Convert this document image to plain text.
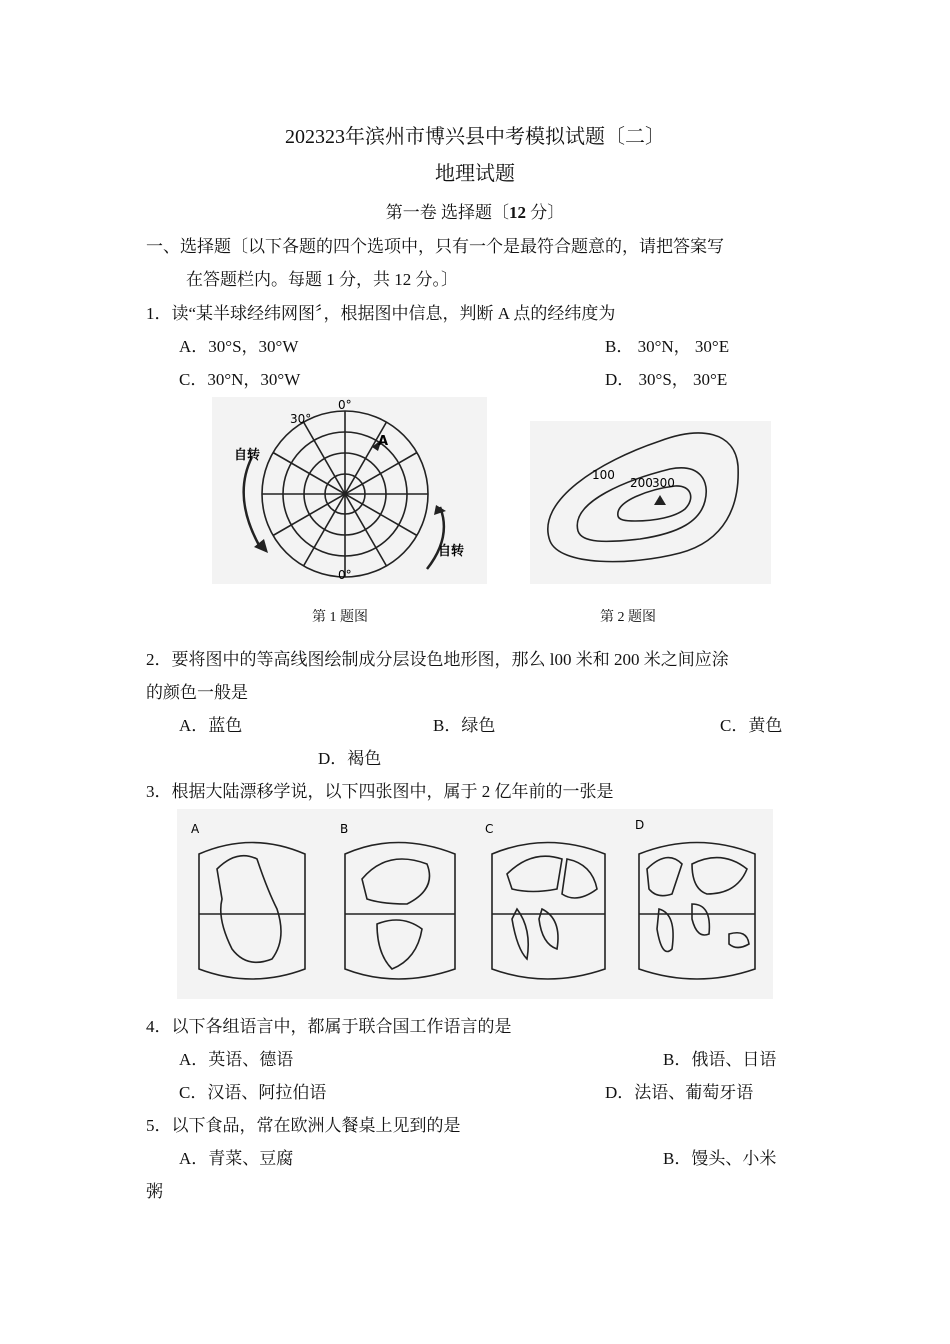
202323年滨州市博兴县中考模拟试题〔二〕
地理试题
第一卷 选择题〔12 分〕
一、选择题〔以下各题的四个选项中，只有一个是最符合题意的，请把答案写
在答题栏内。每题 1 分，共 12 分。〕
1．读“某半球经纬网图〞，根据图中信息，判断 A 点的经纬度为
A．30°S，30°W	B． 30°N， 30°E
C．30°N，30°W	D． 30°S， 30°E
30°
0°
0°
A
自转
自转
100
200 300
第 1 题图	第 2 题图
2．要将图中的等高线图绘制成分层设色地形图，那么 l00 米和 200 米之间应涂
的颜色一般是
A．蓝色	B．绿色	C．黄色
D．褐色
3．根据大陆漂移学说，以下四张图中，属于 2 亿年前的一张是
A	B	C	D
4．以下各组语言中，都属于联合国工作语言的是
A．英语、德语	B．俄语、日语
C．汉语、阿拉伯语	D．法语、葡萄牙语
5．以下食品，常在欧洲人餐桌上见到的是
A．青菜、豆腐	B．馒头、小米
粥
